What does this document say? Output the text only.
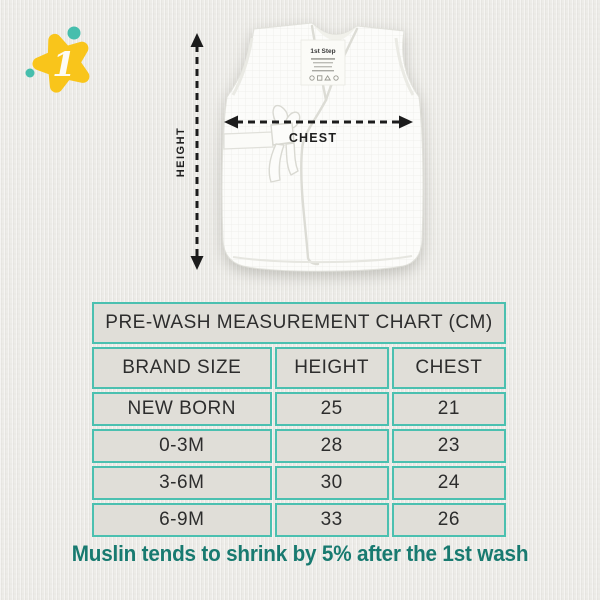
1	1st Step
HEIGHT	CHEST
PRE-WASH MEASUREMENT CHART (CM)		
BRAND SIZE	HEIGHT	CHEST
NEW BORN	25	21
0-3M	28	23
3-6M	30	24
6-9M	33	26
Muslin tends to shrink by 5% after the 1st wash
